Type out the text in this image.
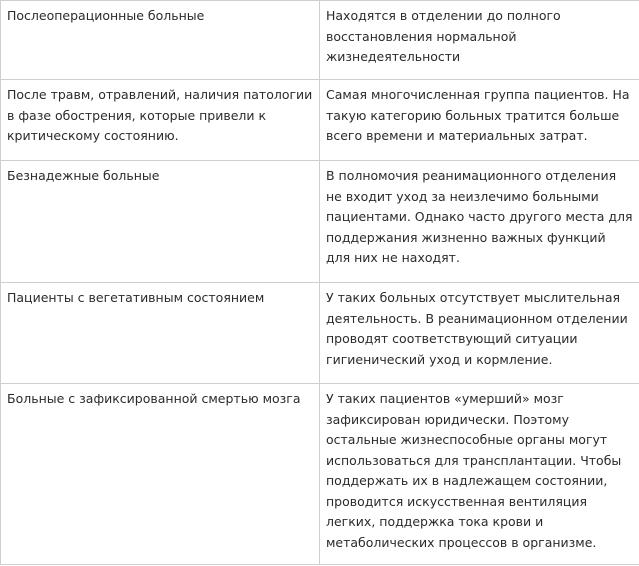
Послеоперационные больные	Находятся в отделении до полного восстановления нормальной жизнедеятельности
После травм, отравлений, наличия патологии в фазе обострения, которые привели к критическому состоянию.	Самая многочисленная группа пациентов. На такую категорию больных тратится больше всего времени и материальных затрат.
Безнадежные больные	В полномочия реанимационного отделения не входит уход за неизлечимо больными пациентами. Однако часто другого места для поддержания жизненно важных функций для них не находят.
Пациенты с вегетативным состоянием	У таких больных отсутствует мыслительная деятельность. В реанимационном отделении проводят соответствующий ситуации гигиенический уход и кормление.
Больные с зафиксированной смертью мозга	У таких пациентов «умерший» мозг зафиксирован юридически. Поэтому остальные жизнеспособные органы могут использоваться для трансплантации. Чтобы поддержать их в надлежащем состоянии, проводится искусственная вентиляция легких, поддержка тока крови и метаболических процессов в организме.
